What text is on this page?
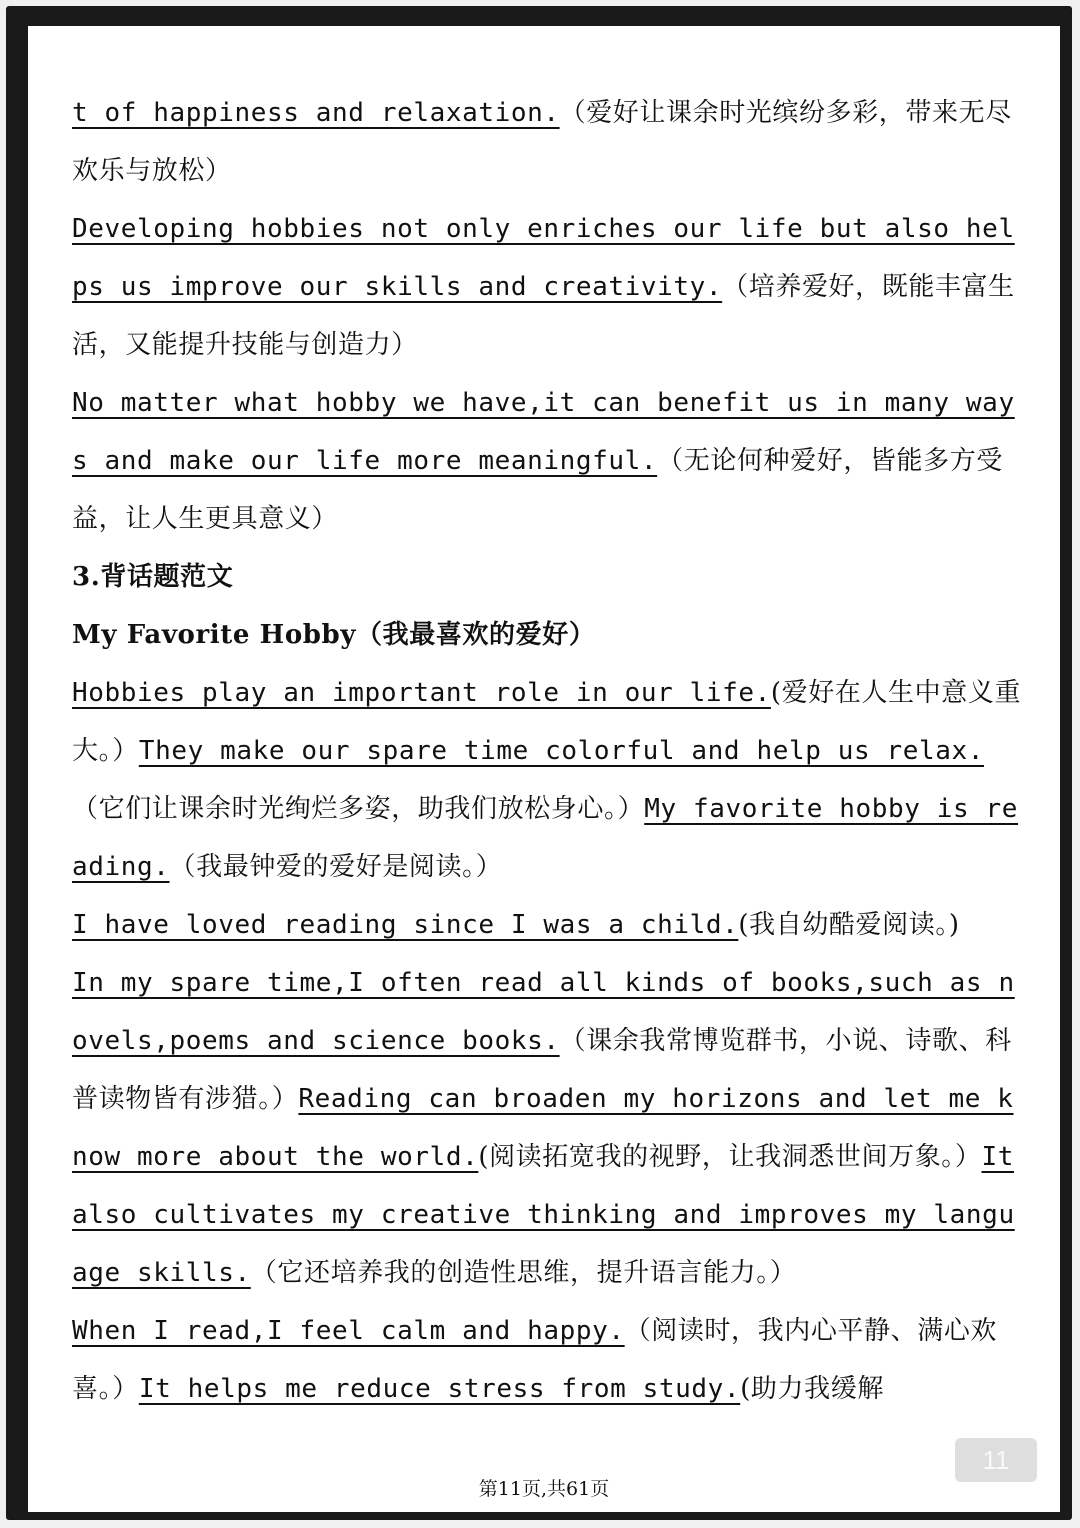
t of happiness and relaxation.（爱好让课余时光缤纷多彩，带来无尽欢乐与放松）

Developing hobbies not only enriches our life but also helps us improve our skills and creativity.（培养爱好，既能丰富生活，又能提升技能与创造力）

No matter what hobby we have,it can benefit us in many ways and make our life more meaningful.（无论何种爱好，皆能多方受益，让人生更具意义）

3.背话题范文

My Favorite Hobby（我最喜欢的爱好）

Hobbies play an important role in our life.(爱好在人生中意义重大。）They make our spare time colorful and help us relax.（它们让课余时光绚烂多姿，助我们放松身心。）My favorite hobby is reading.（我最钟爱的爱好是阅读。）

I have loved reading since I was a child.(我自幼酷爱阅读。)

In my spare time,I often read all kinds of books,such as novels,poems and science books.（课余我常博览群书，小说、诗歌、科普读物皆有涉猎。）Reading can broaden my horizons and let me know more about the world.(阅读拓宽我的视野，让我洞悉世间万象。）It also cultivates my creative thinking and improves my language skills.（它还培养我的创造性思维，提升语言能力。）

When I read,I feel calm and happy.（阅读时，我内心平静、满心欢喜。）It helps me reduce stress from study.(助力我缓解

第11页,共61页
11
